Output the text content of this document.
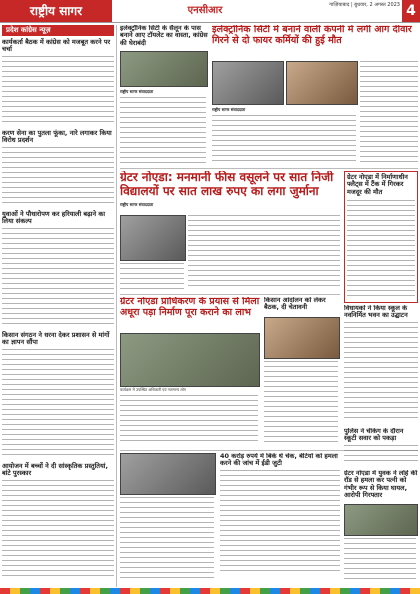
राष्ट्रीय सागर	एनसीआर	गाज़ियाबाद | बुधवार, 2 अगस्त 2023 4
प्रदेश कांग्रेस न्यूज़
कार्यकर्ता बैठक में कांग्रेस को मजबूत करने पर चर्चा
करण सेना का पुतला फूंका, नारे लगाकर किया विरोध प्रदर्शन
युवाओं ने पौधारोपण कर हरियाली बढ़ाने का लिया संकल्प
किसान संगठन ने धरना देकर प्रशासन से मांगों का ज्ञापन सौंपा
आयोजन में बच्चों ने दी सांस्कृतिक प्रस्तुतियां, बांटे पुरस्कार
इलेक्ट्रॉनिक सिटी के सैलून के पास बनाने आए टॉयलेट का वास्ता, कांग्रेस की घेराबंदी
राष्ट्रीय सागर संवाददाता
इलेक्ट्रोनिक सिटी में बनाने वाली कंपनी में लगी आग दीवार गिरने से दो फायर कर्मियों की हुई मौत
राष्ट्रीय सागर संवाददाता
ग्रेटर नोएडा: मनमानी फीस वसूलने पर सात निजी विद्यालयों पर सात लाख रुपए का लगा जुर्माना
राष्ट्रीय सागर संवाददाता
ग्रेटर नोएडा में निर्माणाधीन फ्लैट्स में टैंक में गिरकर मजदूर की मौत
विधायकों ने किया स्कूल के नवनिर्मित भवन का उद्घाटन
ग्रेटर नोएडा प्राधिकरण के प्रयास से मिला अधूरा पड़ा निर्माण पूरा कराने का लाभ
कार्यक्रम में उपस्थित अधिकारी एवं गणमान्य लोग
किसान आंदोलन को लेकर बैठक, दी चेतावनी
40 करोड़ रुपये में बिके थे चेक, बेटियों को हमला करने की जांच में ईडी जुटी
पुलिस ने चेकिंग के दौरान स्कूटी सवार को पकड़ा
ग्रेटर नोएडा में युवक ने लोहे की रॉड से हमला कर पत्नी को गंभीर रूप से किया घायल, आरोपी गिरफ्तार
